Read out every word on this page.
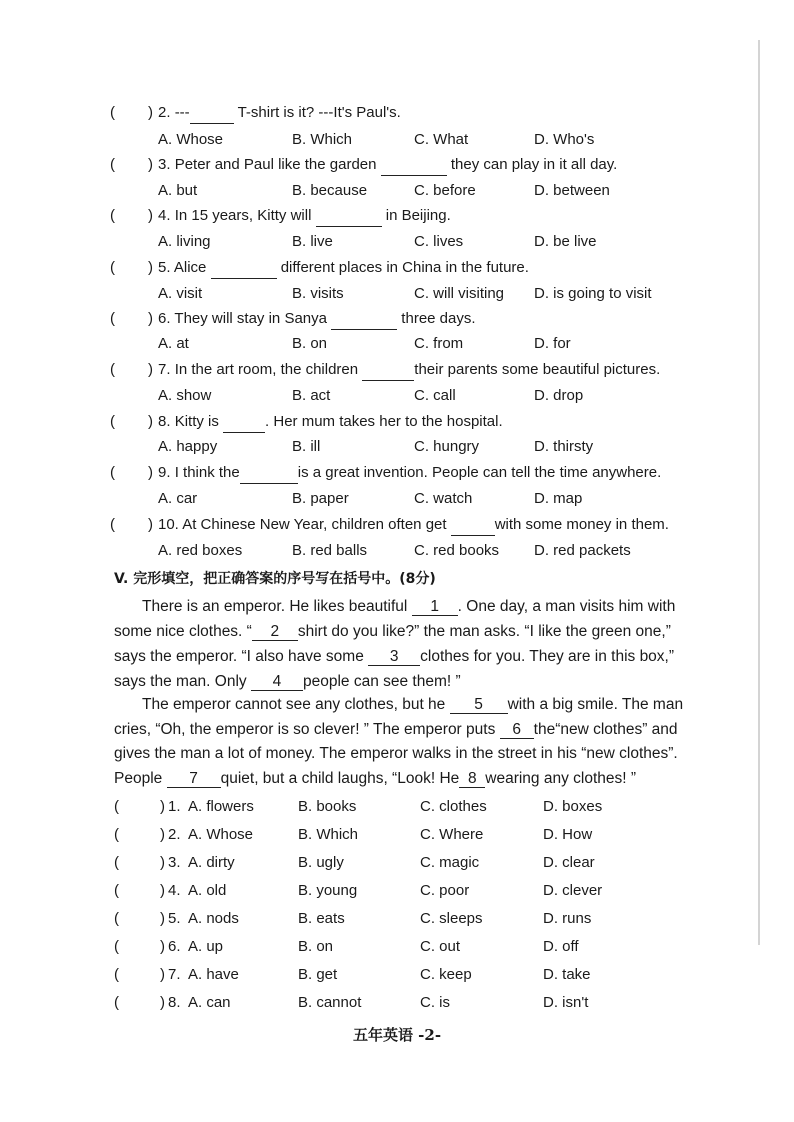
( ) 2. ---	T-shirt is it? ---It's Paul's.
A. Whose	B. Which	C. What	D. Who's
( ) 3. Peter and Paul like the garden	they can play in it all day.
A. but	B. because	C. before	D. between
( ) 4. In 15 years, Kitty will	in Beijing.
A. living	B. live	C. lives	D. be live
( ) 5. Alice	different places in China in the future.
A. visit	B. visits	C. will visiting D. is going to visit
( ) 6. They will stay in Sanya	three days.
A. at	B. on	C. from	D. for
( ) 7. In the art room, the children	their parents some beautiful pictures.
A. show	B. act	C. call	D. drop
( ) 8. Kitty is	. Her mum takes her to the hospital.
A. happy	B. ill	C. hungry	D. thirsty
( ) 9. I think the	is a great invention. People can tell the time anywhere.
A. car	B. paper	C. watch	D. map
( ) 10. At Chinese New Year, children often get	with some money in them.
A. red boxes	B. red balls	C. red books D. red packets
V. 完形填空，把正确答案的序号写在括号中。(8分)
There is an emperor. He likes beautiful 1 . One day, a man visits him with
some nice clothes. “ 2 shirt do you like?” the man asks. “I like the green one,”
says the emperor. “I also have some 3 clothes for you. They are in this box,”
says the man. Only 4 people can see them! ”
The emperor cannot see any clothes, but he 5 with a big smile. The man
cries, “Oh, the emperor is so clever! ” The emperor puts 6 the“new clothes” and
gives the man a lot of money. The emperor walks in the street in his “new clothes”.
People 7 quiet, but a child laughs, “Look! He 8 wearing any clothes! ”
(	) 1. A. flowers	B. books	C. clothes	D. boxes
(	) 2. A. Whose	B. Which	C. Where	D. How
(	) 3. A. dirty	B. ugly	C. magic	D. clear
(	) 4. A. old	B. young	C. poor	D. clever
(	) 5. A. nods	B. eats	C. sleeps	D. runs
(	) 6. A. up	B. on	C. out	D. off
(	) 7. A. have	B. get	C. keep	D. take
(	) 8. A. can	B. cannot	C. is	D. isn't
五年英语 -2-
